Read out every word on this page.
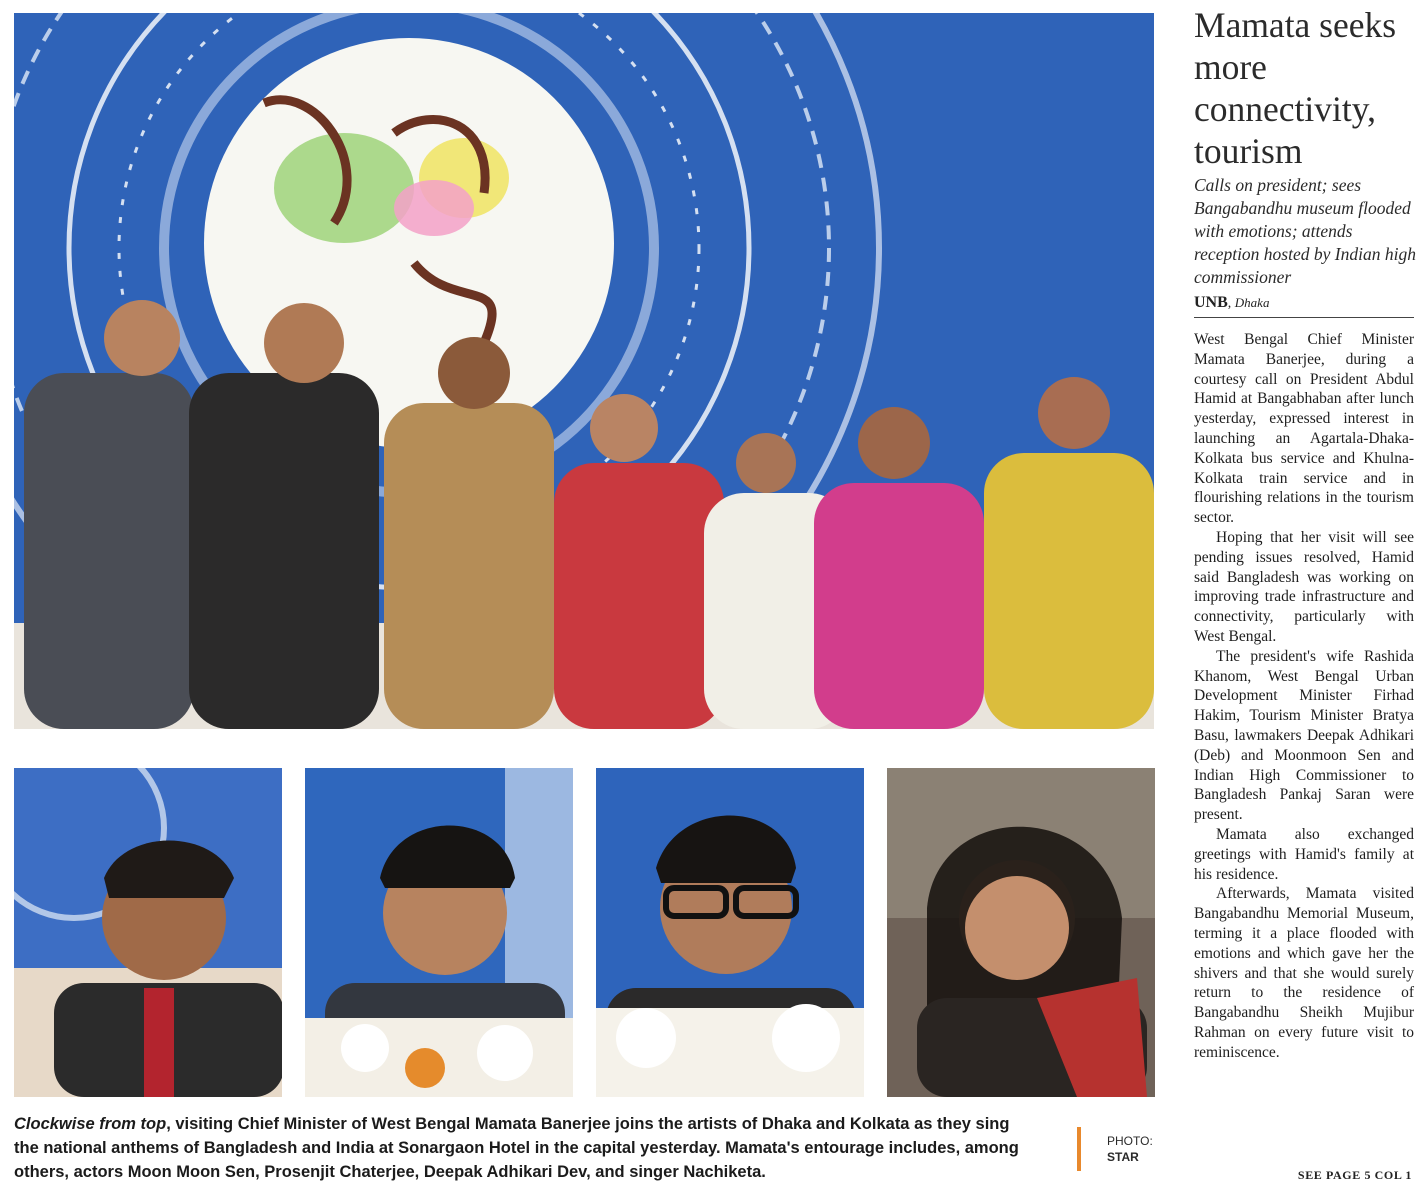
Clockwise from top, visiting Chief Minister of West Bengal Mamata Banerjee joins the artists of Dhaka and Kolkata as they sing the national anthems of Bangladesh and India at Sonargaon Hotel in the capital yesterday. Mamata's entourage includes, among others, actors Moon Moon Sen, Prosenjit Chaterjee, Deepak Adhikari Dev, and singer Nachiketa.
PHOTO:
STAR
Mamata seeks more connectivity, tourism
Calls on president; sees Bangabandhu museum flooded with emotions; attends reception hosted by Indian high commissioner
UNB, Dhaka

West Bengal Chief Minister Mamata Banerjee, during a courtesy call on President Abdul Hamid at Bangabhaban after lunch yesterday, expressed interest in launching an Agartala-Dhaka-Kolkata bus service and Khulna-Kolkata train service and in flourishing relations in the tourism sector.

Hoping that her visit will see pending issues resolved, Hamid said Bangladesh was working on improving trade infrastructure and connectivity, particularly with West Bengal.

The president's wife Rashida Khanom, West Bengal Urban Development Minister Firhad Hakim, Tourism Minister Bratya Basu, lawmakers Deepak Adhikari (Deb) and Moonmoon Sen and Indian High Commissioner to Bangladesh Pankaj Saran were present.

Mamata also exchanged greetings with Hamid's family at his residence.

Afterwards, Mamata visited Bangabandhu Memorial Museum, terming it a place flooded with emotions and which gave her the shivers and that she would surely return to the residence of Bangabandhu Sheikh Mujibur Rahman on every future visit to reminiscence.

SEE PAGE 5 COL 1
